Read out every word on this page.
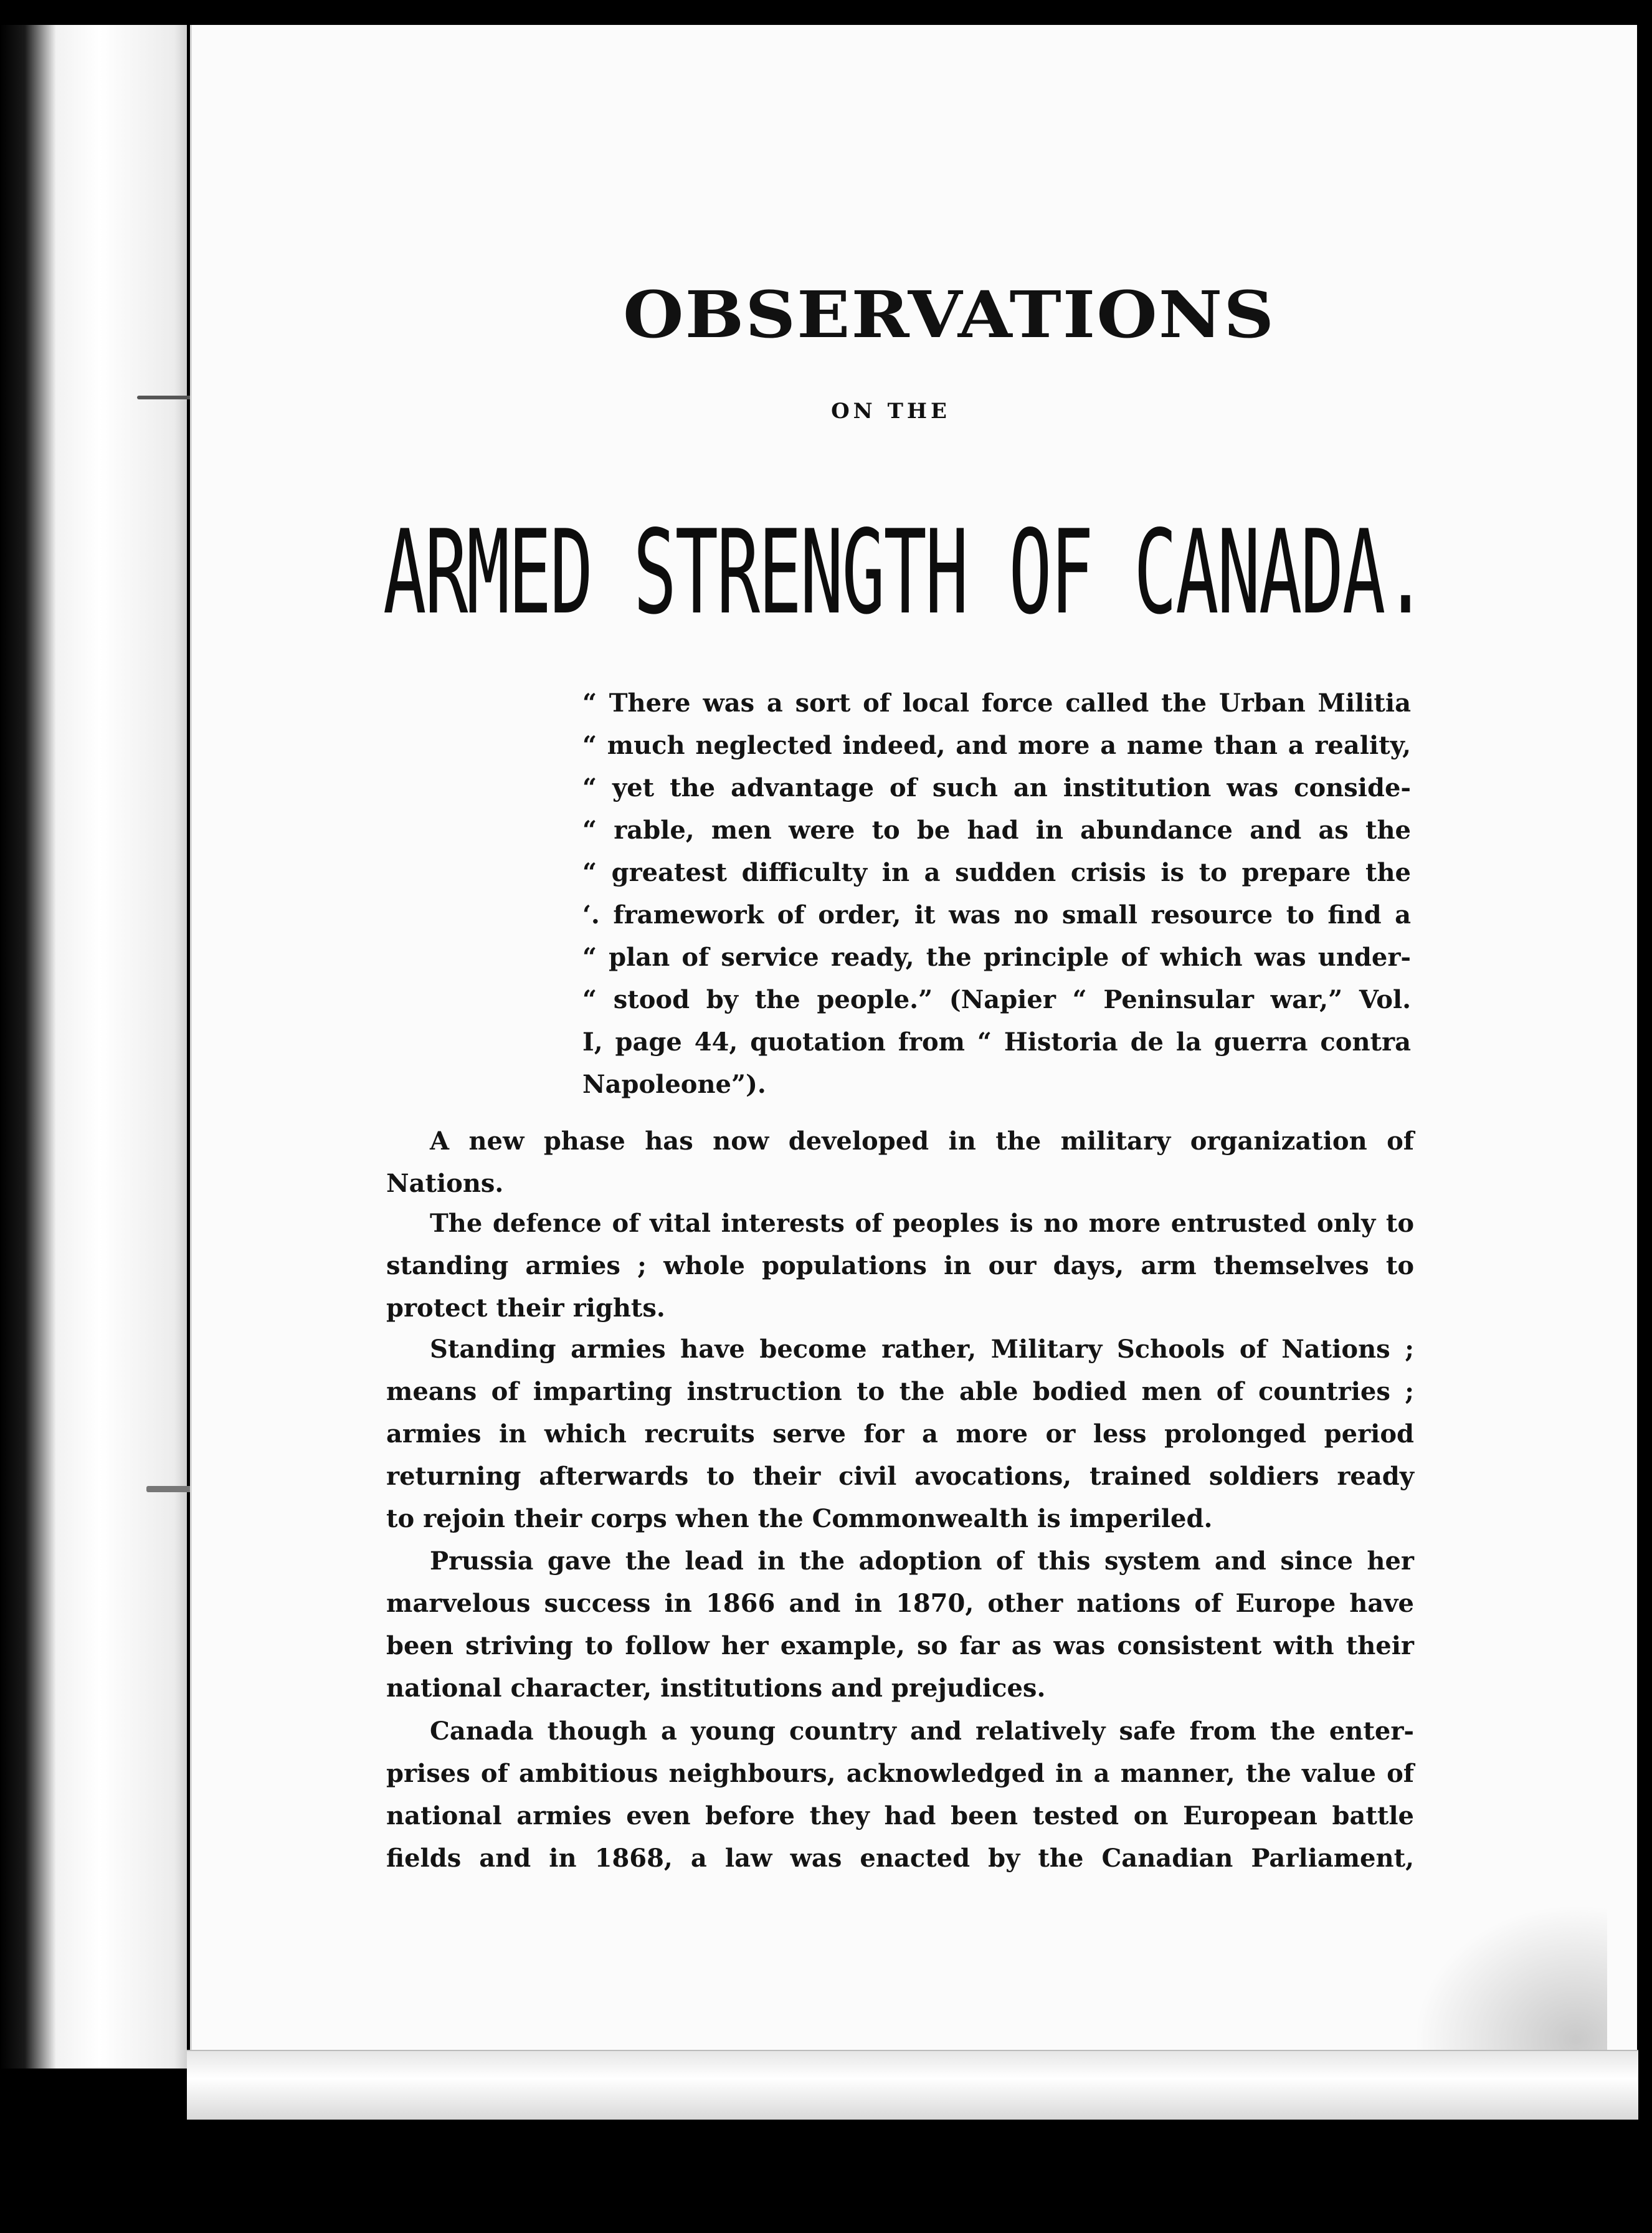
OBSERVATIONS
ON THE
ARMED STRENGTH OF CANADA.
“ There was a sort of local force called the Urban Militia
“ much neglected indeed, and more a name than a reality,
“ yet the advantage of such an institution was conside-
“ rable, men were to be had in abundance and as the
“ greatest difficulty in a sudden crisis is to prepare the
‘. framework of order, it was no small resource to find a
“ plan of service ready, the principle of which was under-
“ stood by the people.” (Napier “ Peninsular war,” Vol.
I, page 44, quotation from “ Historia de la guerra contra
Napoleone”).
A new phase has now developed in the military organization of
Nations.
The defence of vital interests of peoples is no more entrusted only to
standing armies ; whole populations in our days, arm themselves to
protect their rights.
Standing armies have become rather, Military Schools of Nations ;
means of imparting instruction to the able bodied men of countries ;
armies in which recruits serve for a more or less prolonged period
returning afterwards to their civil avocations, trained soldiers ready
to rejoin their corps when the Commonwealth is imperiled.
Prussia gave the lead in the adoption of this system and since her
marvelous success in 1866 and in 1870, other nations of Europe have
been striving to follow her example, so far as was consistent with their
national character, institutions and prejudices.
Canada though a young country and relatively safe from the enter-
prises of ambitious neighbours, acknowledged in a manner, the value of
national armies even before they had been tested on European battle
fields and in 1868, a law was enacted by the Canadian Parliament,
